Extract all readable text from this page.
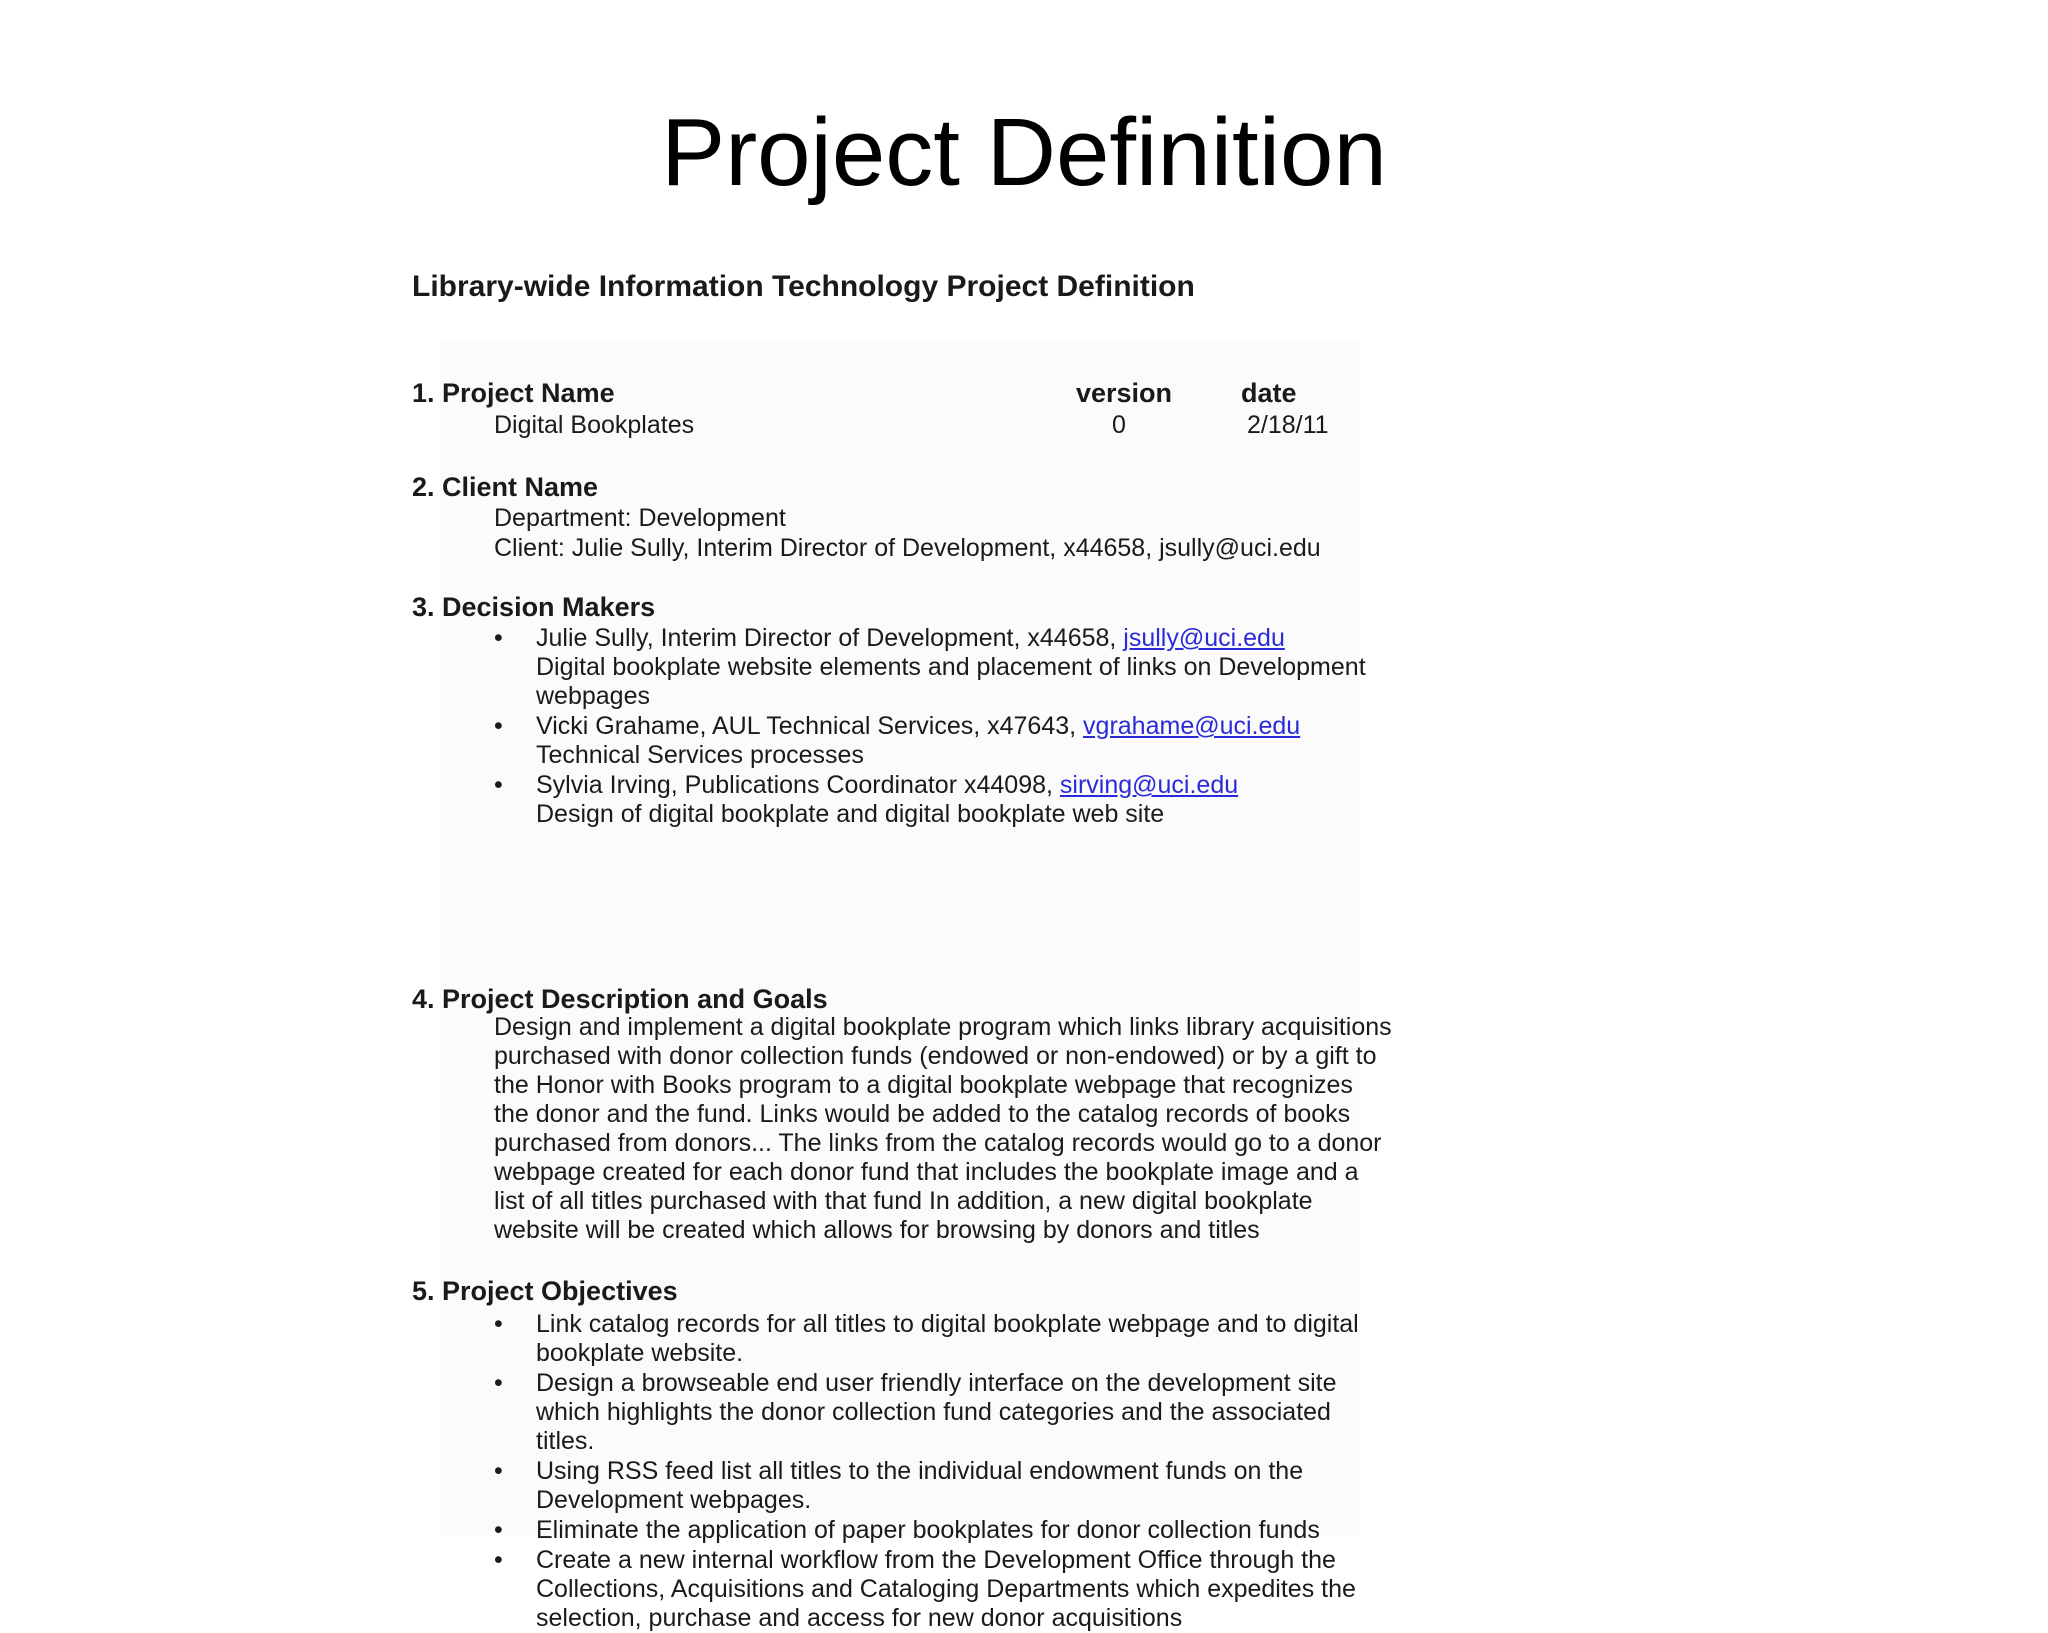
Project Definition
Library-wide Information Technology Project Definition
1. Project Name	version	date
Digital Bookplates	0	2/18/11
2. Client Name
Department: Development
Client: Julie Sully, Interim Director of Development, x44658, jsully@uci.edu
3. Decision Makers
• Julie Sully, Interim Director of Development, x44658, jsully@uci.edu
Digital bookplate website elements and placement of links on Development
webpages
• Vicki Grahame, AUL Technical Services, x47643, vgrahame@uci.edu
Technical Services processes
• Sylvia Irving, Publications Coordinator x44098, sirving@uci.edu
Design of digital bookplate and digital bookplate web site
4. Project Description and Goals
Design and implement a digital bookplate program which links library acquisitions
purchased with donor collection funds (endowed or non-endowed) or by a gift to
the Honor with Books program to a digital bookplate webpage that recognizes
the donor and the fund. Links would be added to the catalog records of books
purchased from donors... The links from the catalog records would go to a donor
webpage created for each donor fund that includes the bookplate image and a
list of all titles purchased with that fund In addition, a new digital bookplate
website will be created which allows for browsing by donors and titles
5. Project Objectives
• Link catalog records for all titles to digital bookplate webpage and to digital
bookplate website.
• Design a browseable end user friendly interface on the development site
which highlights the donor collection fund categories and the associated
titles.
• Using RSS feed list all titles to the individual endowment funds on the
Development webpages.
• Eliminate the application of paper bookplates for donor collection funds
• Create a new internal workflow from the Development Office through the
Collections, Acquisitions and Cataloging Departments which expedites the
selection, purchase and access for new donor acquisitions
